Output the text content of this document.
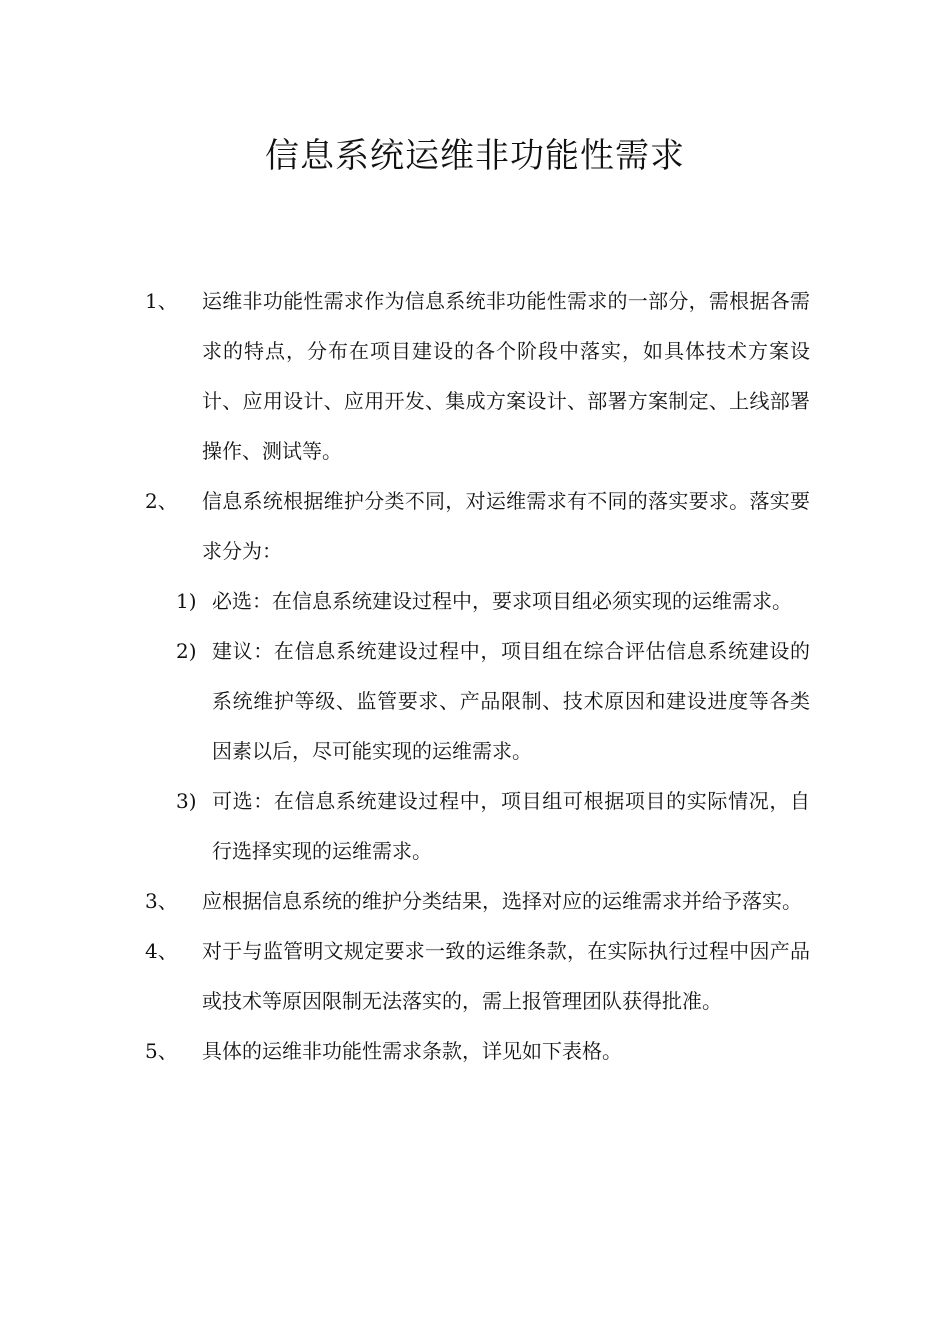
信息系统运维非功能性需求
1、 运维非功能性需求作为信息系统非功能性需求的一部分，需根据各需求的特点，分布在项目建设的各个阶段中落实，如具体技术方案设计、应用设计、应用开发、集成方案设计、部署方案制定、上线部署操作、测试等。
2、 信息系统根据维护分类不同，对运维需求有不同的落实要求。落实要求分为：
1) 必选：在信息系统建设过程中，要求项目组必须实现的运维需求。
2) 建议：在信息系统建设过程中，项目组在综合评估信息系统建设的系统维护等级、监管要求、产品限制、技术原因和建设进度等各类因素以后，尽可能实现的运维需求。
3) 可选：在信息系统建设过程中，项目组可根据项目的实际情况，自行选择实现的运维需求。
3、 应根据信息系统的维护分类结果，选择对应的运维需求并给予落实。
4、 对于与监管明文规定要求一致的运维条款，在实际执行过程中因产品或技术等原因限制无法落实的，需上报管理团队获得批准。
5、 具体的运维非功能性需求条款，详见如下表格。
